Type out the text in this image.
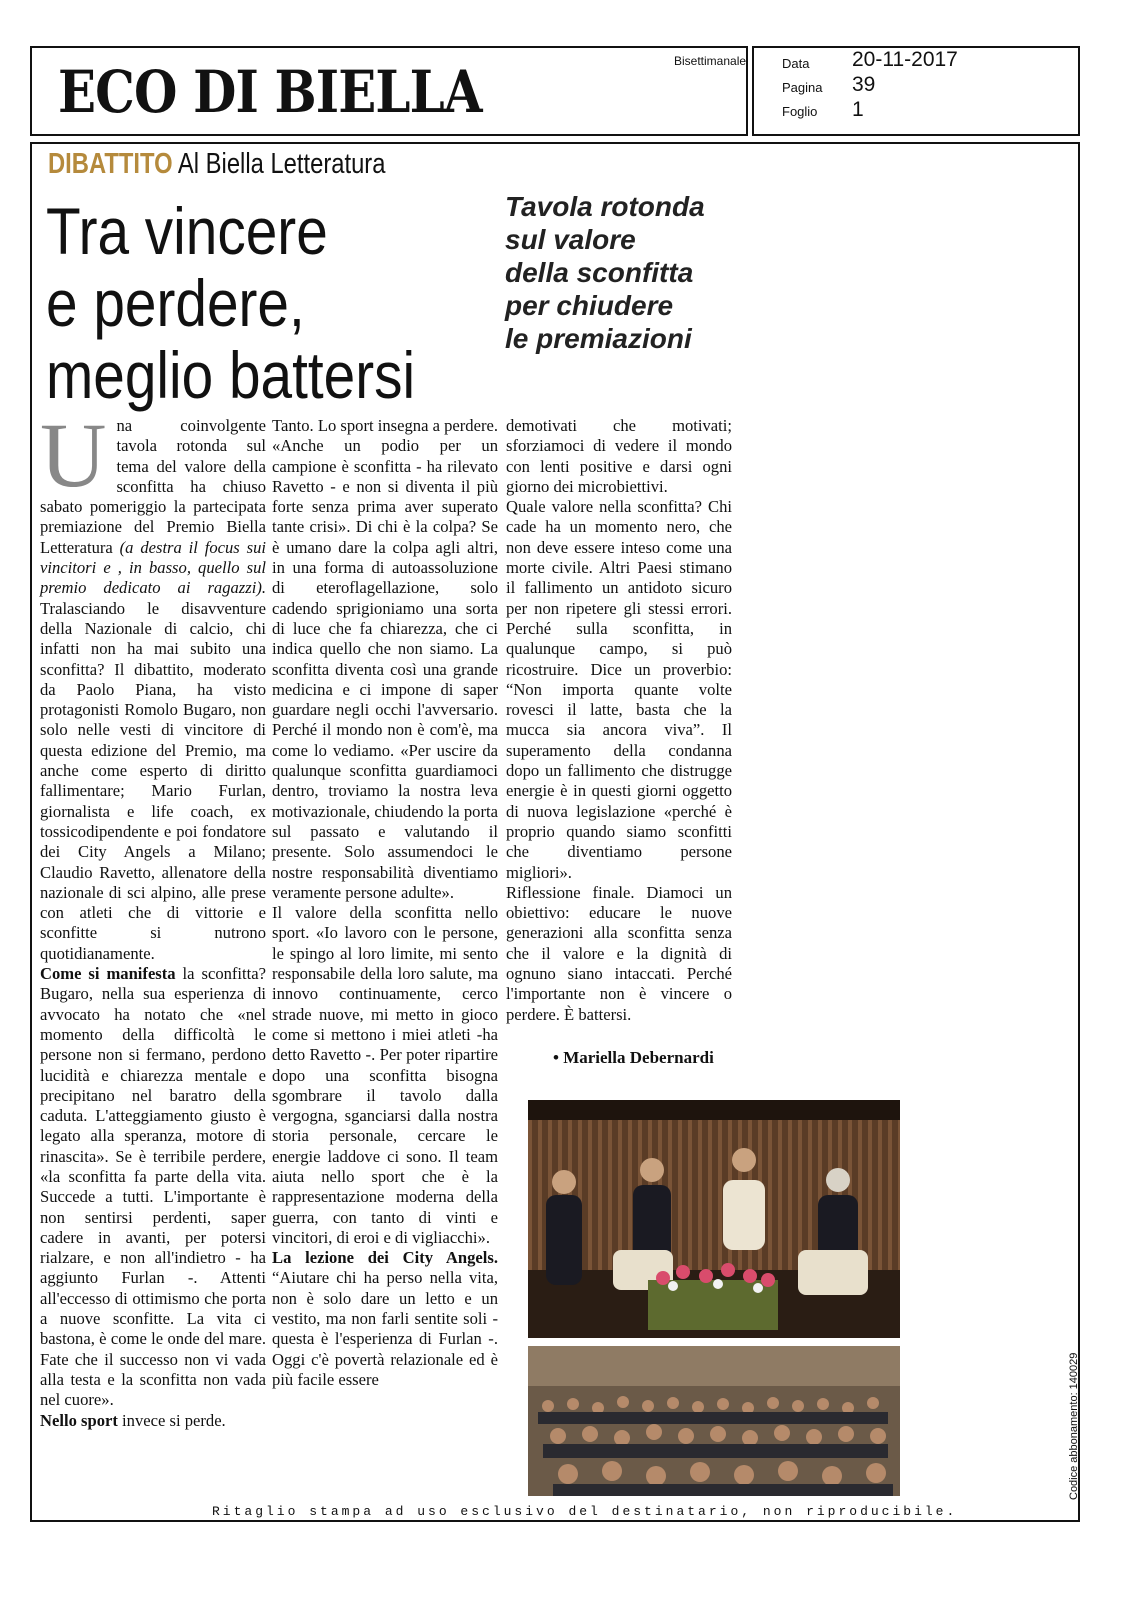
ECO DI BIELLA	Bisettimanale	Data 20-11-2017
Pagina 39
Foglio 1
DIBATTITO Al Biella Letteratura
Tra vincere
e perdere,
meglio battersi
Tavola rotonda
sul valore
della sconfitta
per chiudere
le premiazioni

Una coinvolgente tavola rotonda sul tema del valore della sconfitta ha chiuso sabato pomeriggio la partecipata premiazione del Premio Biella Letteratura (a destra il focus sui vincitori e , in basso, quello sul premio dedicato ai ragazzi). Tralasciando le disavventure della Nazionale di calcio, chi infatti non ha mai subito una sconfitta? Il dibattito, moderato da Paolo Piana, ha visto protagonisti Romolo Bugaro, non solo nelle vesti di vincitore di questa edizione del Premio, ma anche come esperto di diritto fallimentare; Mario Furlan, giornalista e life coach, ex tossicodipendente e poi fondatore dei City Angels a Milano; Claudio Ravetto, allenatore della nazionale di sci alpino, alle prese con atleti che di vittorie e sconfitte si nutrono quotidianamente.

Come si manifesta la sconfitta? Bugaro, nella sua esperienza di avvocato ha notato che «nel momento della difficoltà le persone non si fermano, perdono lucidità e chiarezza mentale e precipitano nel baratro della caduta. L'atteggiamento giusto è legato alla speranza, motore di rinascita». Se è terribile perdere, «la sconfitta fa parte della vita. Succede a tutti. L'importante è non sentirsi perdenti, saper cadere in avanti, per potersi rialzare, e non all'indietro - ha aggiunto Furlan -. Attenti all'eccesso di ottimismo che porta a nuove sconfitte. La vita ci bastona, è come le onde del mare. Fate che il successo non vi vada alla testa e la sconfitta non vada nel cuore».

Nello sport invece si perde.

Tanto. Lo sport insegna a perdere. «Anche un podio per un campione è sconfitta - ha rilevato Ravetto - e non si diventa il più forte senza prima aver superato tante crisi». Di chi è la colpa? Se è umano dare la colpa agli altri, in una forma di autoassoluzione di eteroflagellazione, solo cadendo sprigioniamo una sorta di luce che fa chiarezza, che ci indica quello che non siamo. La sconfitta diventa così una grande medicina e ci impone di saper guardare negli occhi l'avversario. Perché il mondo non è com'è, ma come lo vediamo. «Per uscire da qualunque sconfitta guardiamoci dentro, troviamo la nostra leva motivazionale, chiudendo la porta sul passato e valutando il presente. Solo assumendoci le nostre responsabilità diventiamo veramente persone adulte».

Il valore della sconfitta nello sport. «Io lavoro con le persone, le spingo al loro limite, mi sento responsabile della loro salute, ma innovo continuamente, cerco strade nuove, mi metto in gioco come si mettono i miei atleti -ha detto Ravetto -. Per poter ripartire dopo una sconfitta bisogna sgombrare il tavolo dalla vergogna, sganciarsi dalla nostra storia personale, cercare le energie laddove ci sono. Il team aiuta nello sport che è la rappresentazione moderna della guerra, con tanto di vinti e vincitori, di eroi e di vigliacchi».

La lezione dei City Angels. “Aiutare chi ha perso nella vita, non è solo dare un letto e un vestito, ma non farli sentite soli - questa è l'esperienza di Furlan -. Oggi c'è povertà relazionale ed è più facile essere

demotivati che motivati; sforziamoci di vedere il mondo con lenti positive e darsi ogni giorno dei microbiettivi.

Quale valore nella sconfitta? Chi cade ha un momento nero, che non deve essere inteso come una morte civile. Altri Paesi stimano il fallimento un antidoto sicuro per non ripetere gli stessi errori. Perché sulla sconfitta, in qualunque campo, si può ricostruire. Dice un proverbio: “Non importa quante volte rovesci il latte, basta che la mucca sia ancora viva”. Il superamento della condanna dopo un fallimento che distrugge energie è in questi giorni oggetto di nuova legislazione «perché è proprio quando siamo sconfitti che diventiamo persone migliori».

Riflessione finale. Diamoci un obiettivo: educare le nuove generazioni alla sconfitta senza che il valore e la dignità di ognuno siano intaccati. Perché l'importante non è vincere o perdere. È battersi.

• Mariella Debernardi
Ritaglio stampa ad uso esclusivo del destinatario, non riproducibile.
Codice abbonamento: 140029
